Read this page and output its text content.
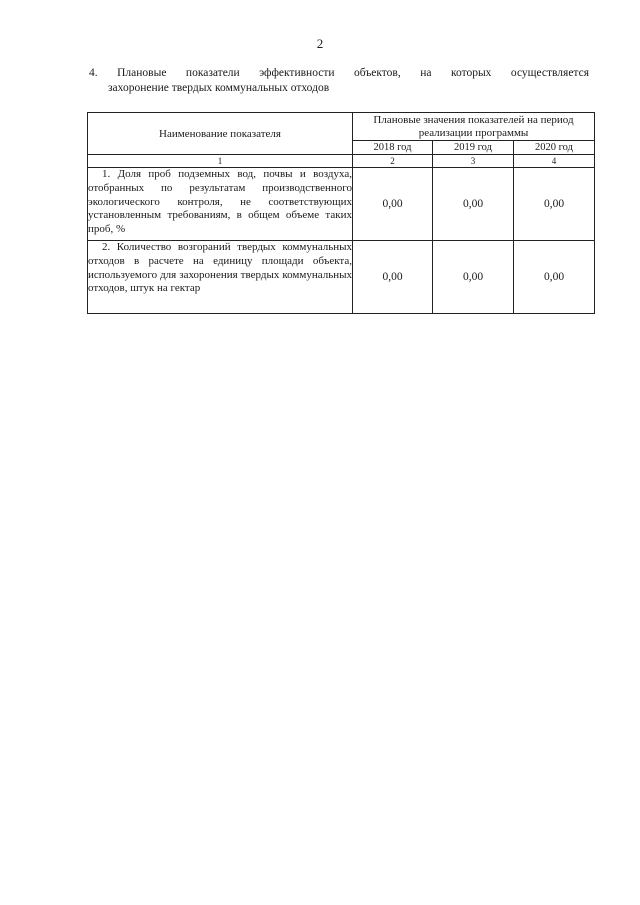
2
4. Плановые показатели эффективности объектов, на которых осуществляется
захоронение твердых коммунальных отходов
Наименование показателя	Плановые значения показателей на период реализации программы		
	2018 год	2019 год	2020 год
1	2	3	4

1. Доля проб подземных вод, почвы и воздуха, отобранных по результатам производственного экологического контроля, не соответствующих установленным требованиям, в общем объеме таких проб, %	0,00	0,00	0,00

2. Количество возгораний твердых коммунальных отходов в расчете на единицу площади объекта, используемого для захоронения твердых коммунальных отходов, штук на гектар	0,00	0,00	0,00
